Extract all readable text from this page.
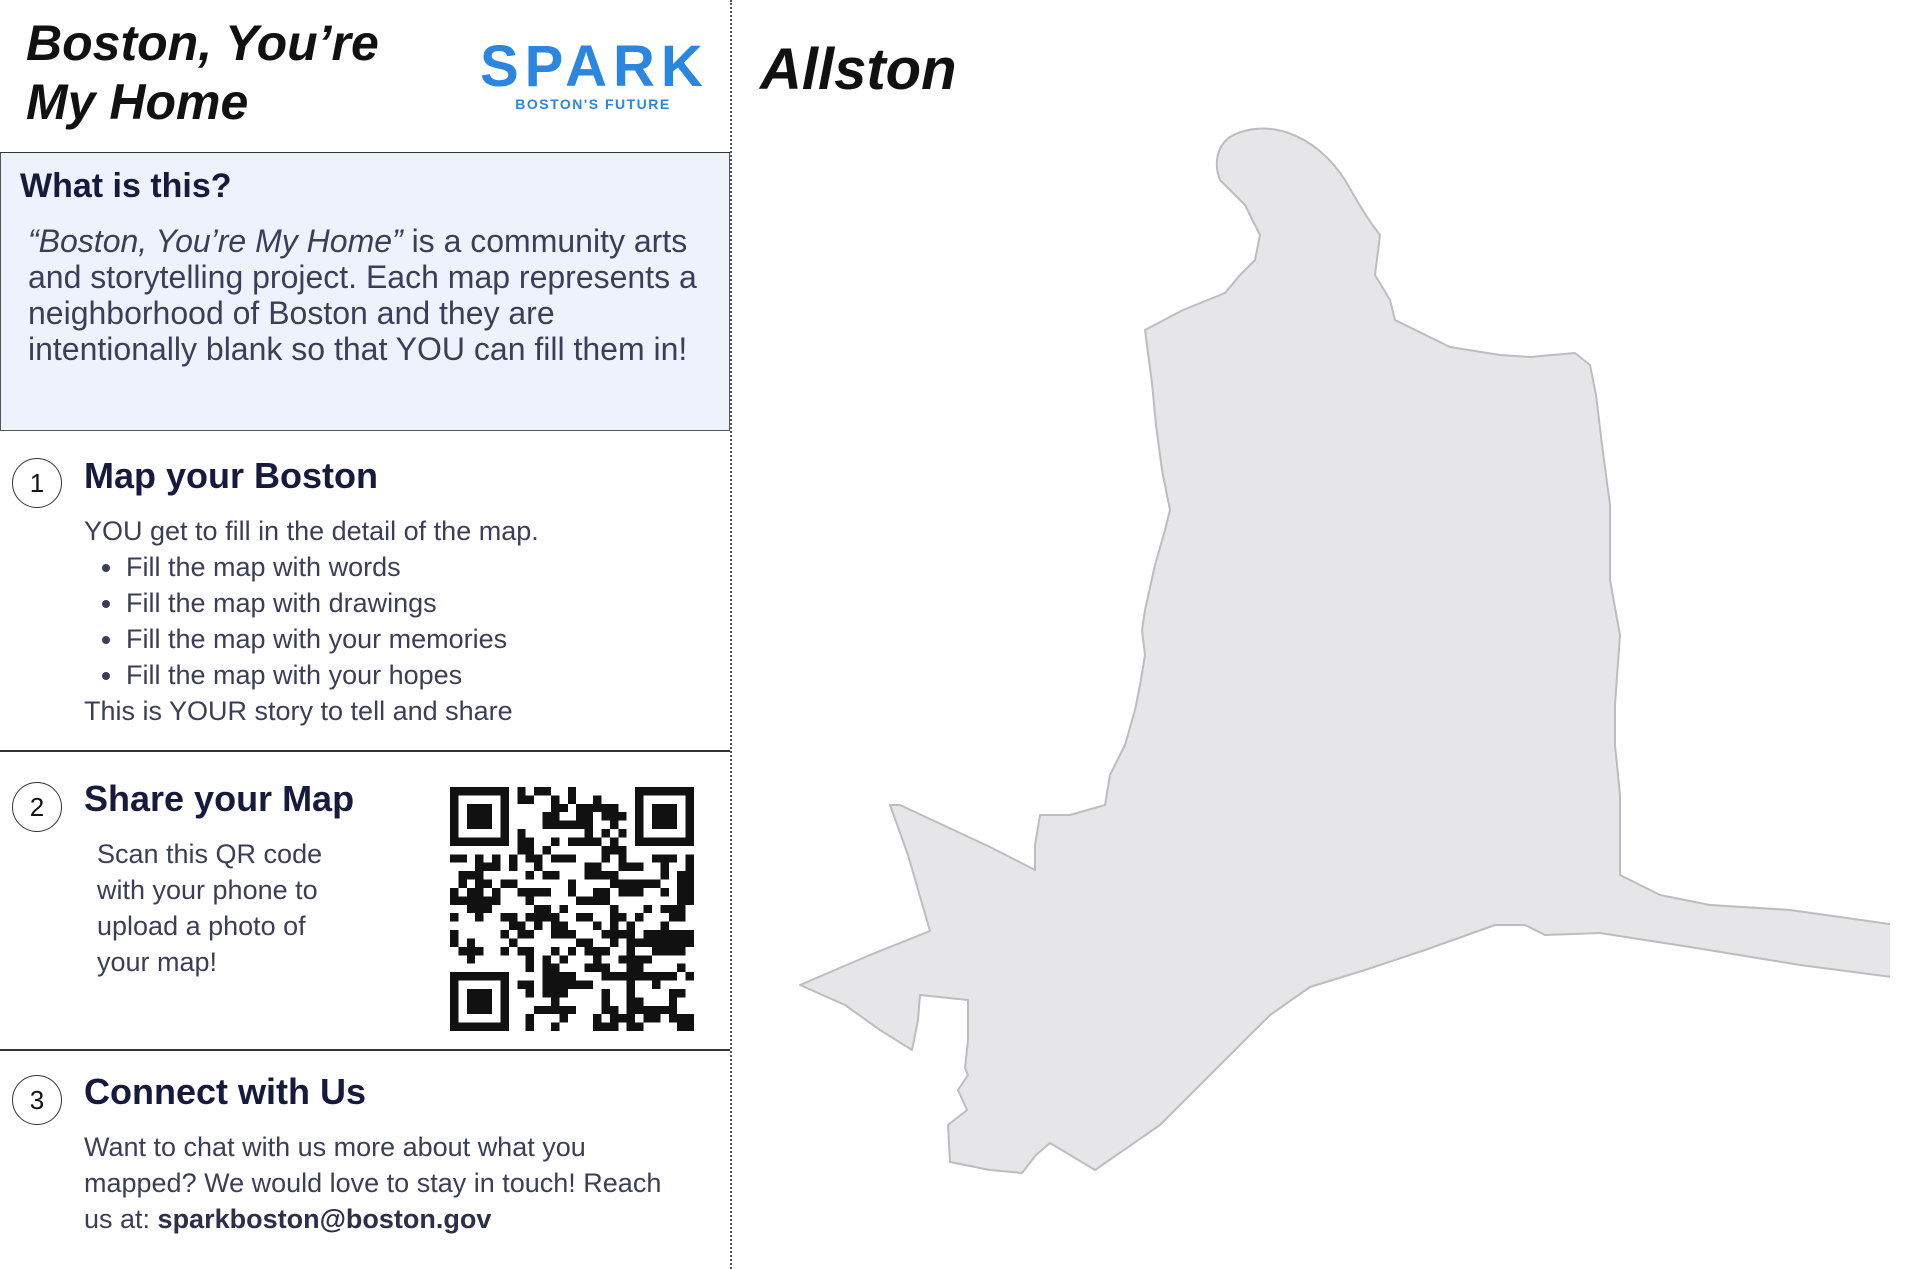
Boston, You’re
My Home
SPARK
BOSTON'S FUTURE
What is this?

“Boston, You’re My Home” is a community arts and storytelling project. Each map represents a neighborhood of Boston and they are intentionally blank so that YOU can fill them in!

1	Map your Boston

YOU get to fill in the detail of the map.

Fill the map with words
Fill the map with drawings
Fill the map with your memories
Fill the map with your hopes

This is YOUR story to tell and share

2	Share your Map

Scan this QR code
with your phone to
upload a photo of
your map!

3	Connect with Us

Want to chat with us more about what you
mapped? We would love to stay in touch! Reach
us at: sparkboston@boston.gov

Allston
